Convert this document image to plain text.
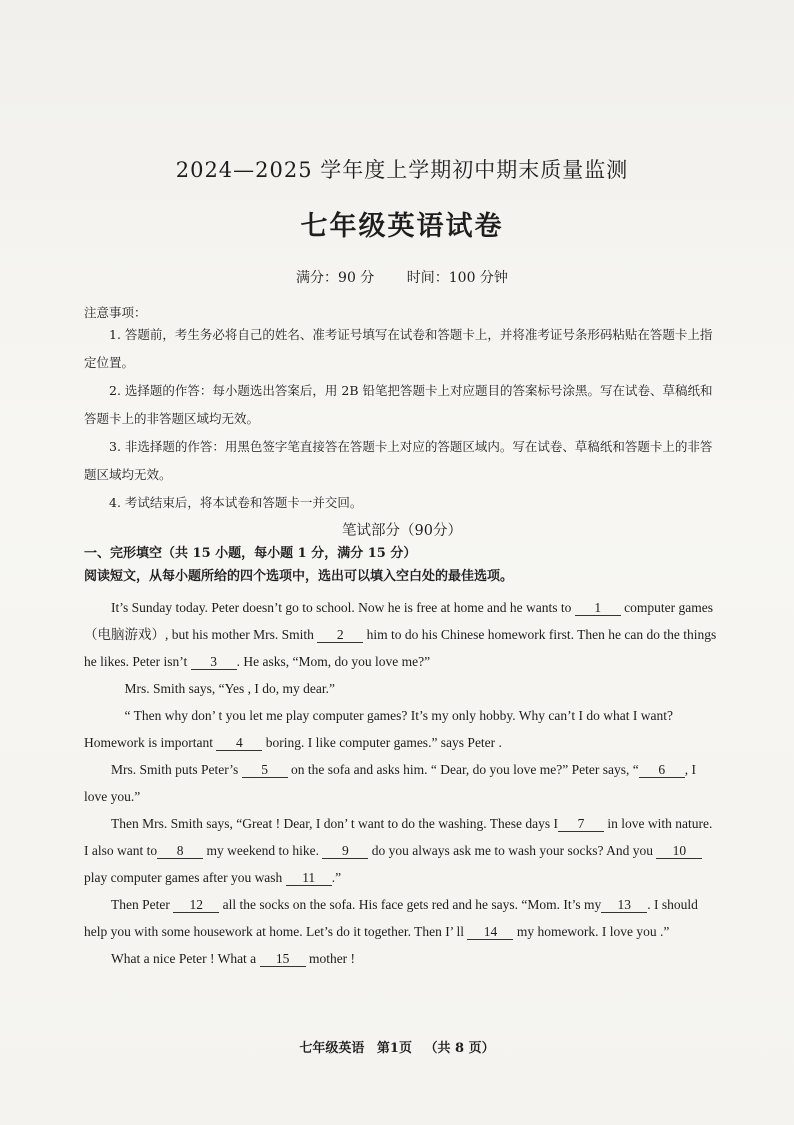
2024—2025 学年度上学期初中期末质量监测
七年级英语试卷
满分：90 分 时间：100 分钟
注意事项：

1. 答题前，考生务必将自己的姓名、准考证号填写在试卷和答题卡上，并将准考证号条形码粘贴在答题卡上指定位置。

2. 选择题的作答：每小题选出答案后，用 2B 铅笔把答题卡上对应题目的答案标号涂黑。写在试卷、草稿纸和答题卡上的非答题区域均无效。

3. 非选择题的作答：用黑色签字笔直接答在答题卡上对应的答题区域内。写在试卷、草稿纸和答题卡上的非答题区域均无效。

4. 考试结束后，将本试卷和答题卡一并交回。

笔试部分（90分）
一、完形填空（共 15 小题，每小题 1 分，满分 15 分）
阅读短文，从每小题所给的四个选项中，选出可以填入空白处的最佳选项。

It’s Sunday today. Peter doesn’t go to school. Now he is free at home and he wants to 1 computer games（电脑游戏）, but his mother Mrs. Smith 2 him to do his Chinese homework first. Then he can do the things he likes. Peter isn’t 3 . He asks, “Mom, do you love me?”

Mrs. Smith says, “Yes , I do, my dear.”

“ Then why don’ t you let me play computer games? It’s my only hobby. Why can’t I do what I want? Homework is important 4 boring. I like computer games.” says Peter .

Mrs. Smith puts Peter’s 5 on the sofa and asks him. “ Dear, do you love me?” Peter says, “ 6 , I love you.”

Then Mrs. Smith says, “Great ! Dear, I don’ t want to do the washing. These days I 7 in love with nature. I also want to 8 my weekend to hike. 9 do you always ask me to wash your socks? And you 10 play computer games after you wash 11 .”

Then Peter 12 all the socks on the sofa. His face gets red and he says. “Mom. It’s my 13 . I should help you with some housework at home. Let’s do it together. Then I’ ll 14 my homework. I love you .”

What a nice Peter ! What a 15 mother !

七年级英语 第1页 （共 8 页）
